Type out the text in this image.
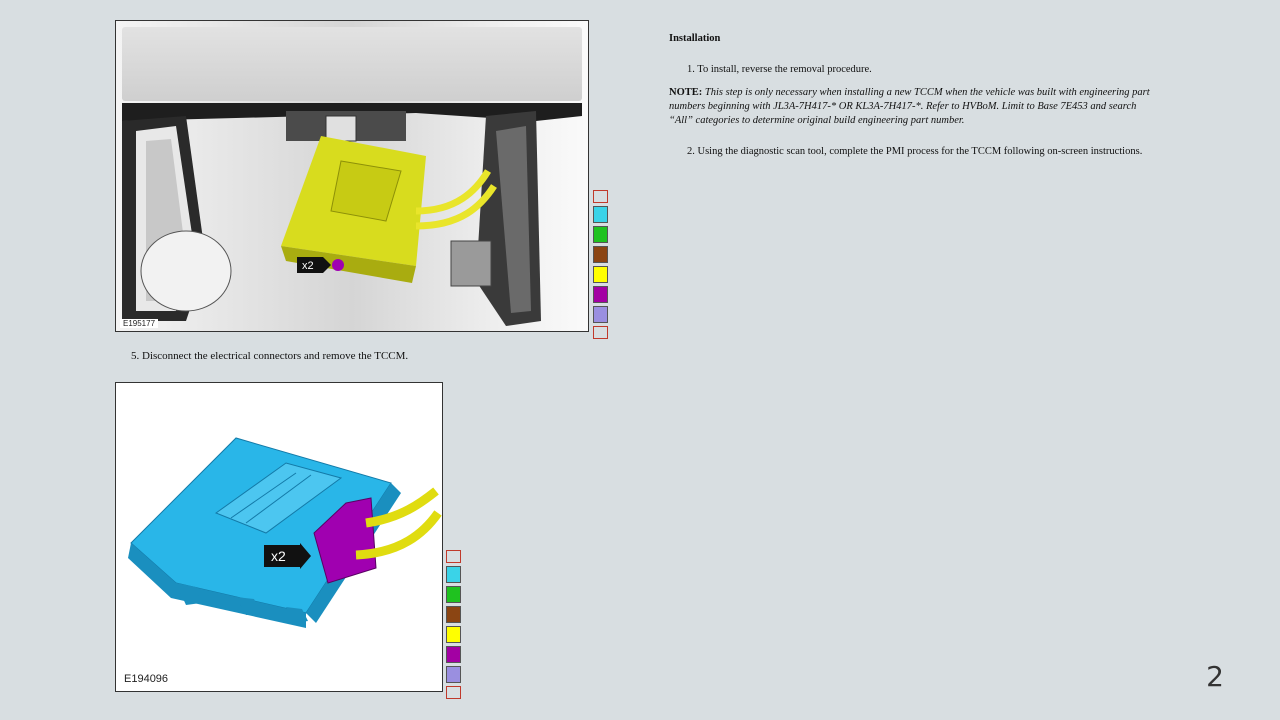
x2
E195177
5. Disconnect the electrical connectors and remove the TCCM.
x2
E194096
Installation
1. To install, reverse the removal procedure.
NOTE: This step is only necessary when installing a new TCCM when the vehicle was built with engineering part numbers beginning with JL3A-7H417-* OR KL3A-7H417-*. Refer to HVBoM. Limit to Base 7E453 and search “All” categories to determine original build engineering part number.
2. Using the diagnostic scan tool, complete the PMI process for the TCCM following on-screen instructions.
2
